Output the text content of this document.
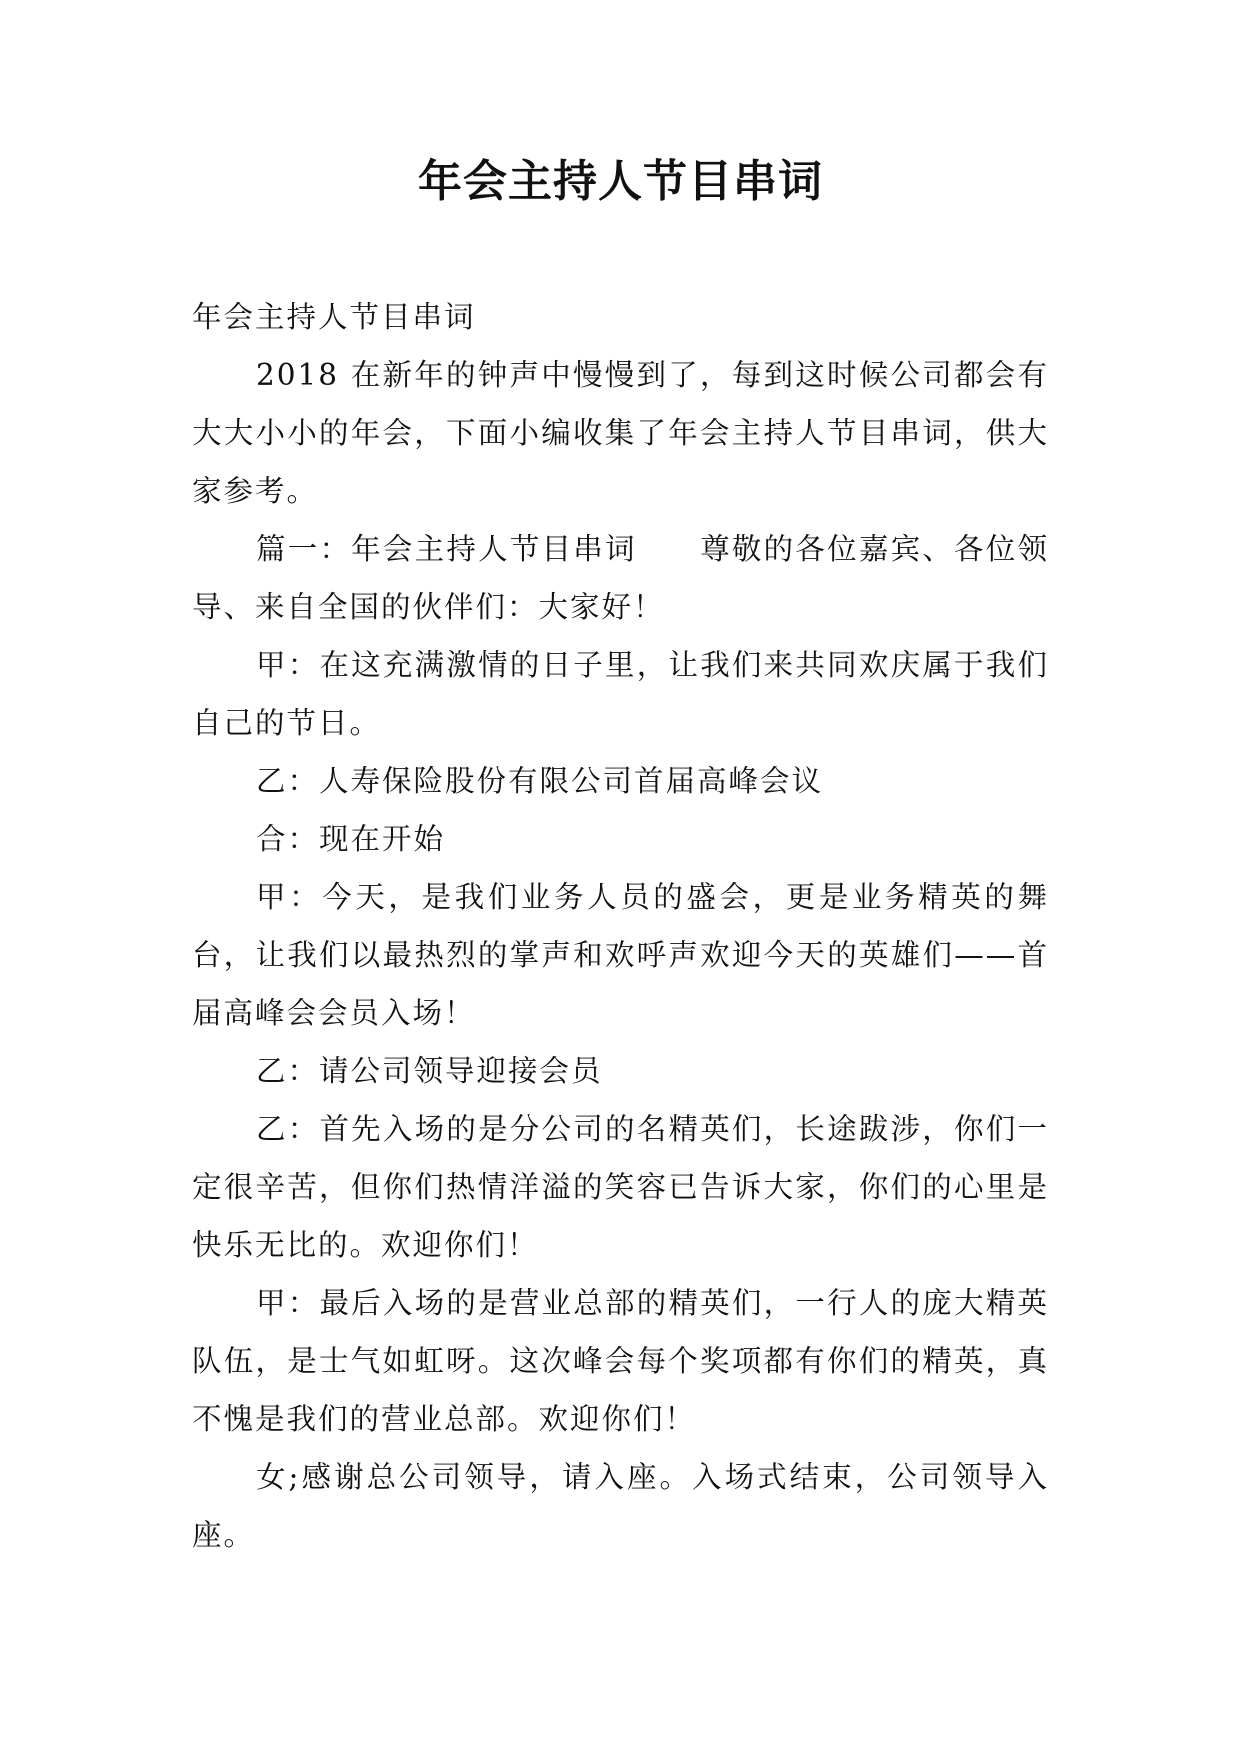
年会主持人节目串词

年会主持人节目串词

2018 在新年的钟声中慢慢到了，每到这时候公司都会有大大小小的年会，下面小编收集了年会主持人节目串词，供大家参考。

篇一：年会主持人节目串词　　尊敬的各位嘉宾、各位领导、来自全国的伙伴们：大家好！

甲：在这充满激情的日子里，让我们来共同欢庆属于我们自己的节日。

乙：人寿保险股份有限公司首届高峰会议

合：现在开始

甲：今天，是我们业务人员的盛会，更是业务精英的舞台，让我们以最热烈的掌声和欢呼声欢迎今天的英雄们——首届高峰会会员入场！

乙：请公司领导迎接会员

乙：首先入场的是分公司的名精英们，长途跋涉，你们一定很辛苦，但你们热情洋溢的笑容已告诉大家，你们的心里是快乐无比的。欢迎你们！

甲：最后入场的是营业总部的精英们，一行人的庞大精英队伍，是士气如虹呀。这次峰会每个奖项都有你们的精英，真不愧是我们的营业总部。欢迎你们！

女;感谢总公司领导，请入座。入场式结束，公司领导入座。
